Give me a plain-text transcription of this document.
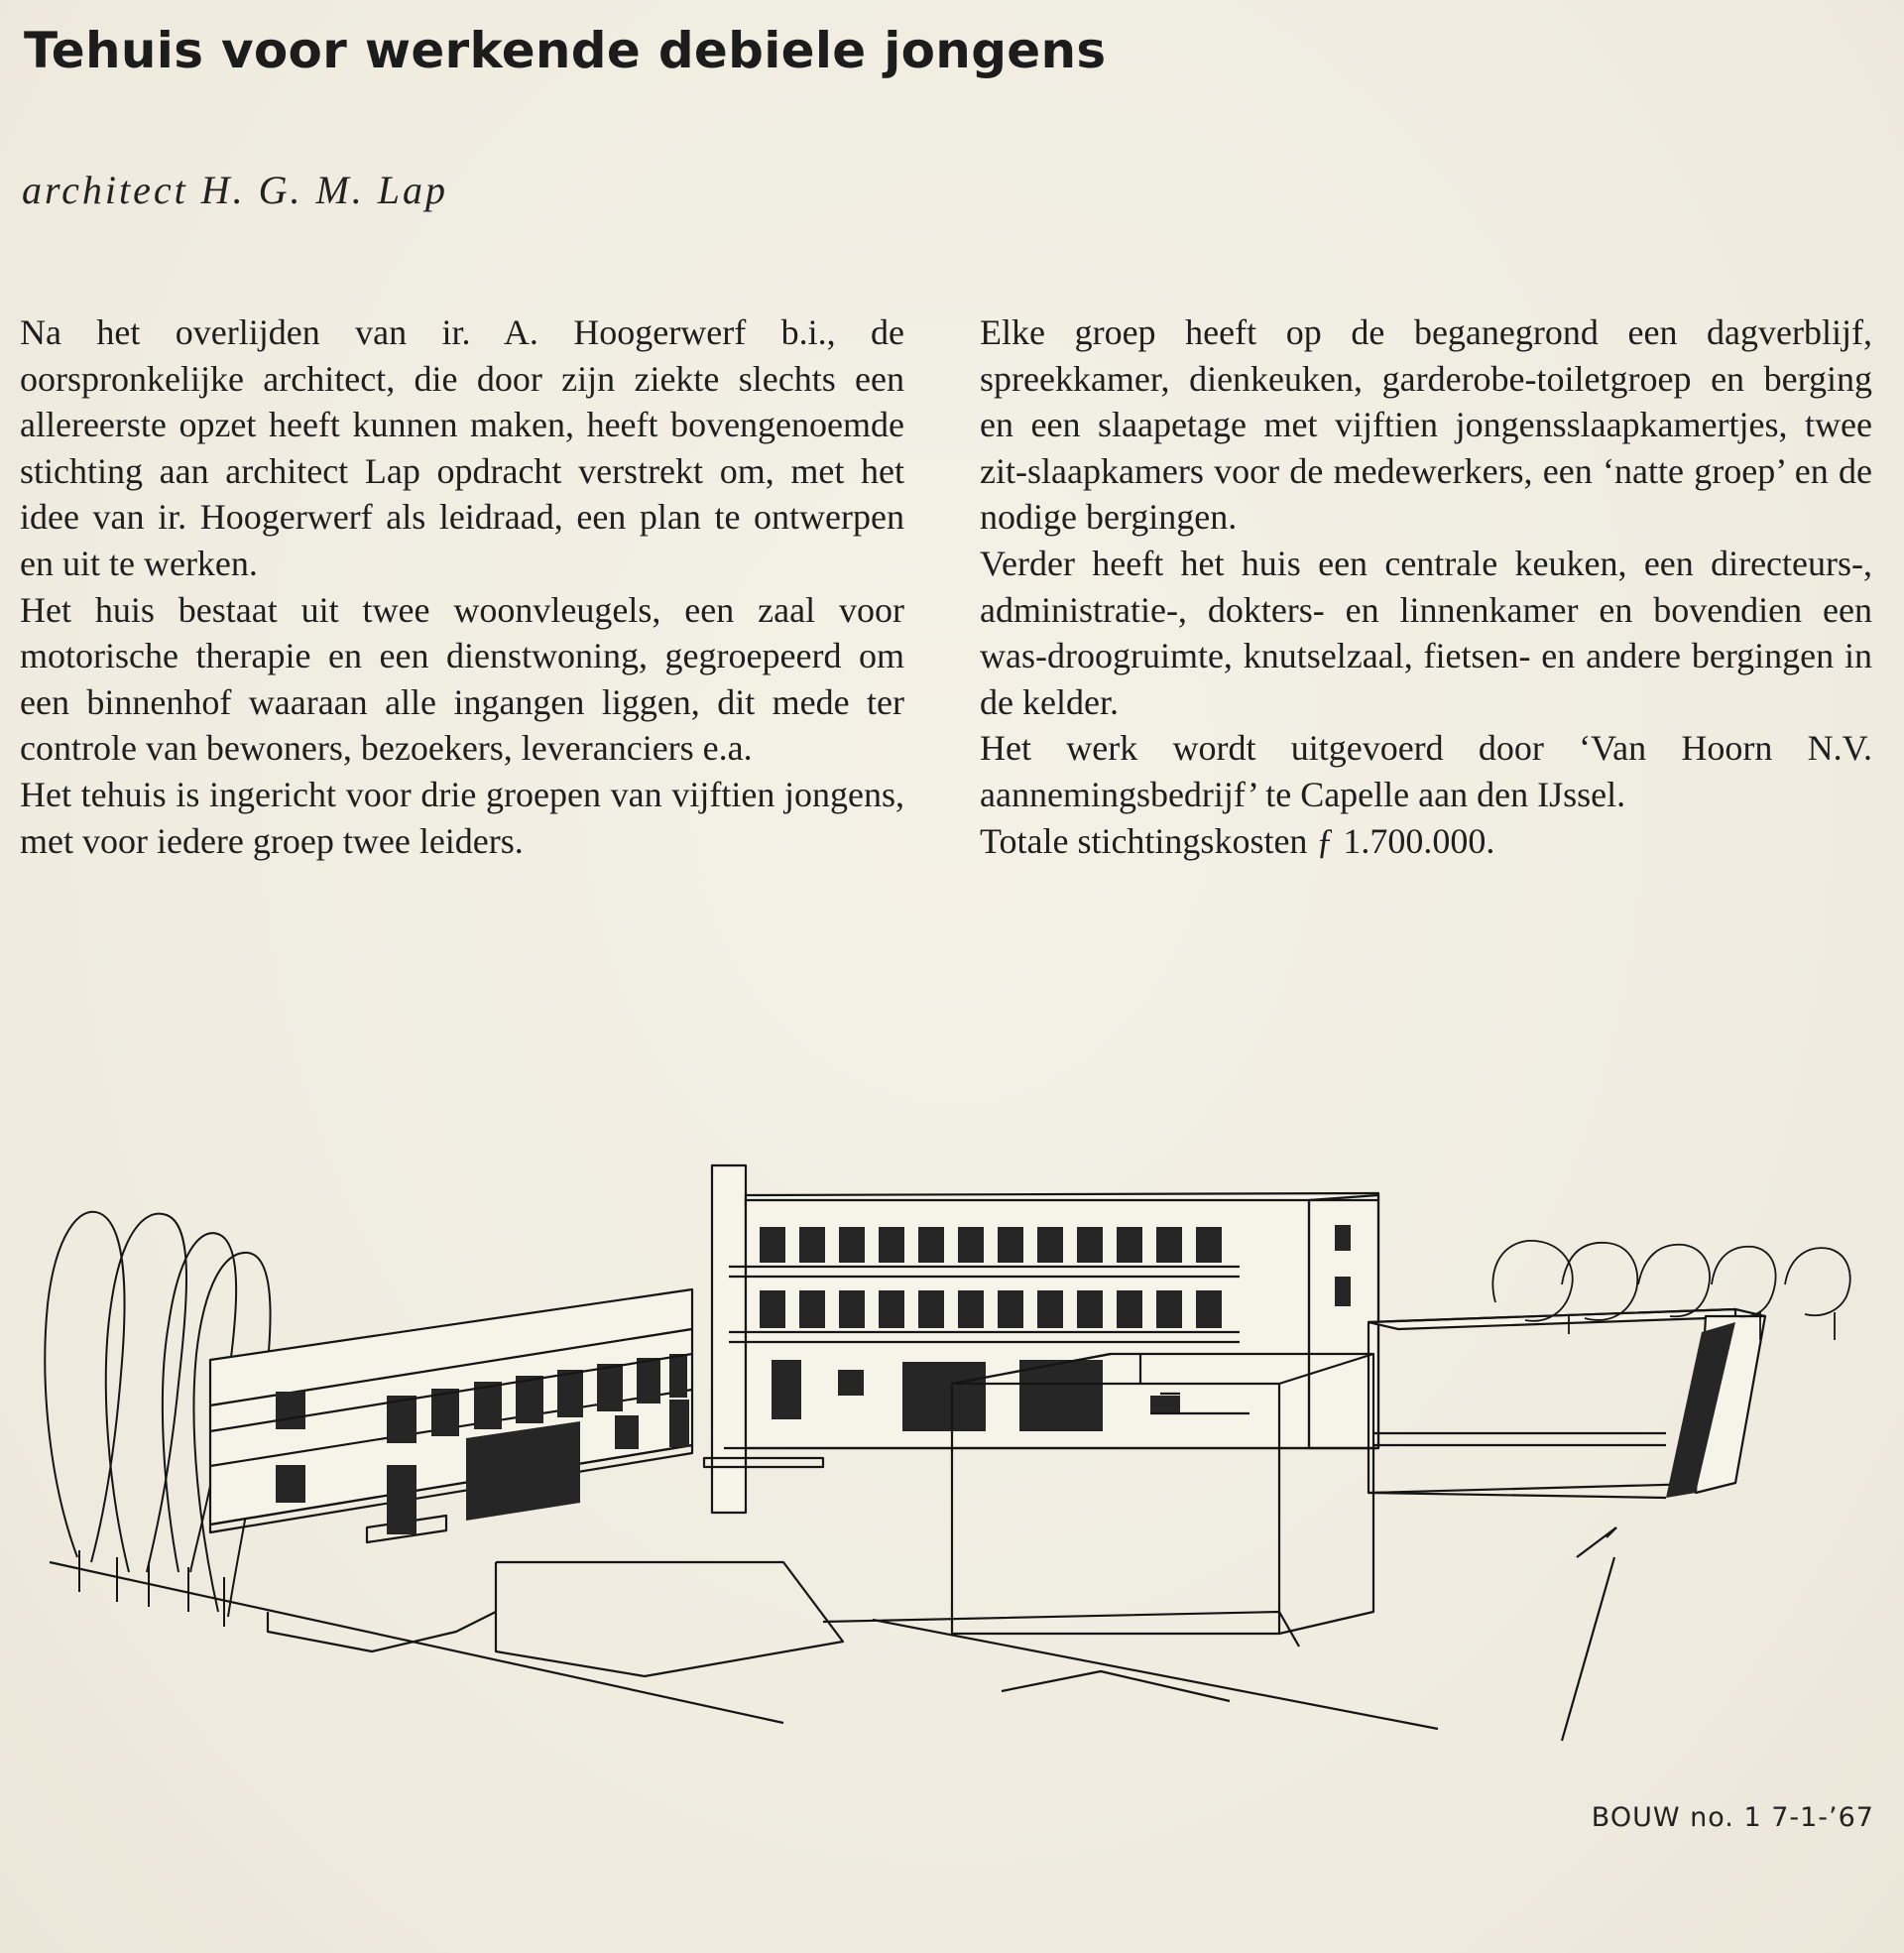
Tehuis voor werkende debiele jongens

architect H. G. M. Lap

Na het overlijden van ir. A. Hoogerwerf b.i., de oorspronkelijke architect, die door zijn ziekte slechts een allereerste opzet heeft kunnen maken, heeft bovengenoemde stichting aan architect Lap opdracht verstrekt om, met het idee van ir. Hoogerwerf als leidraad, een plan te ontwerpen en uit te werken.

Het huis bestaat uit twee woonvleugels, een zaal voor motorische therapie en een dienstwoning, gegroepeerd om een binnenhof waaraan alle ingangen liggen, dit mede ter controle van bewoners, bezoekers, leveranciers e.a.

Het tehuis is ingericht voor drie groepen van vijftien jongens, met voor iedere groep twee leiders.

Elke groep heeft op de beganegrond een dagverblijf, spreekkamer, dienkeuken, garderobe-toiletgroep en berging en een slaapetage met vijftien jongensslaapkamertjes, twee zit-slaapkamers voor de medewerkers, een ‘natte groep’ en de nodige bergingen.

Verder heeft het huis een centrale keuken, een directeurs-, administratie-, dokters- en linnenkamer en bovendien een was-droogruimte, knutselzaal, fietsen- en andere bergingen in de kelder.

Het werk wordt uitgevoerd door ‘Van Hoorn N.V. aannemingsbedrijf’ te Capelle aan den IJssel.

Totale stichtingskosten ƒ 1.700.000.

BOUW no. 1 7-1-’67
